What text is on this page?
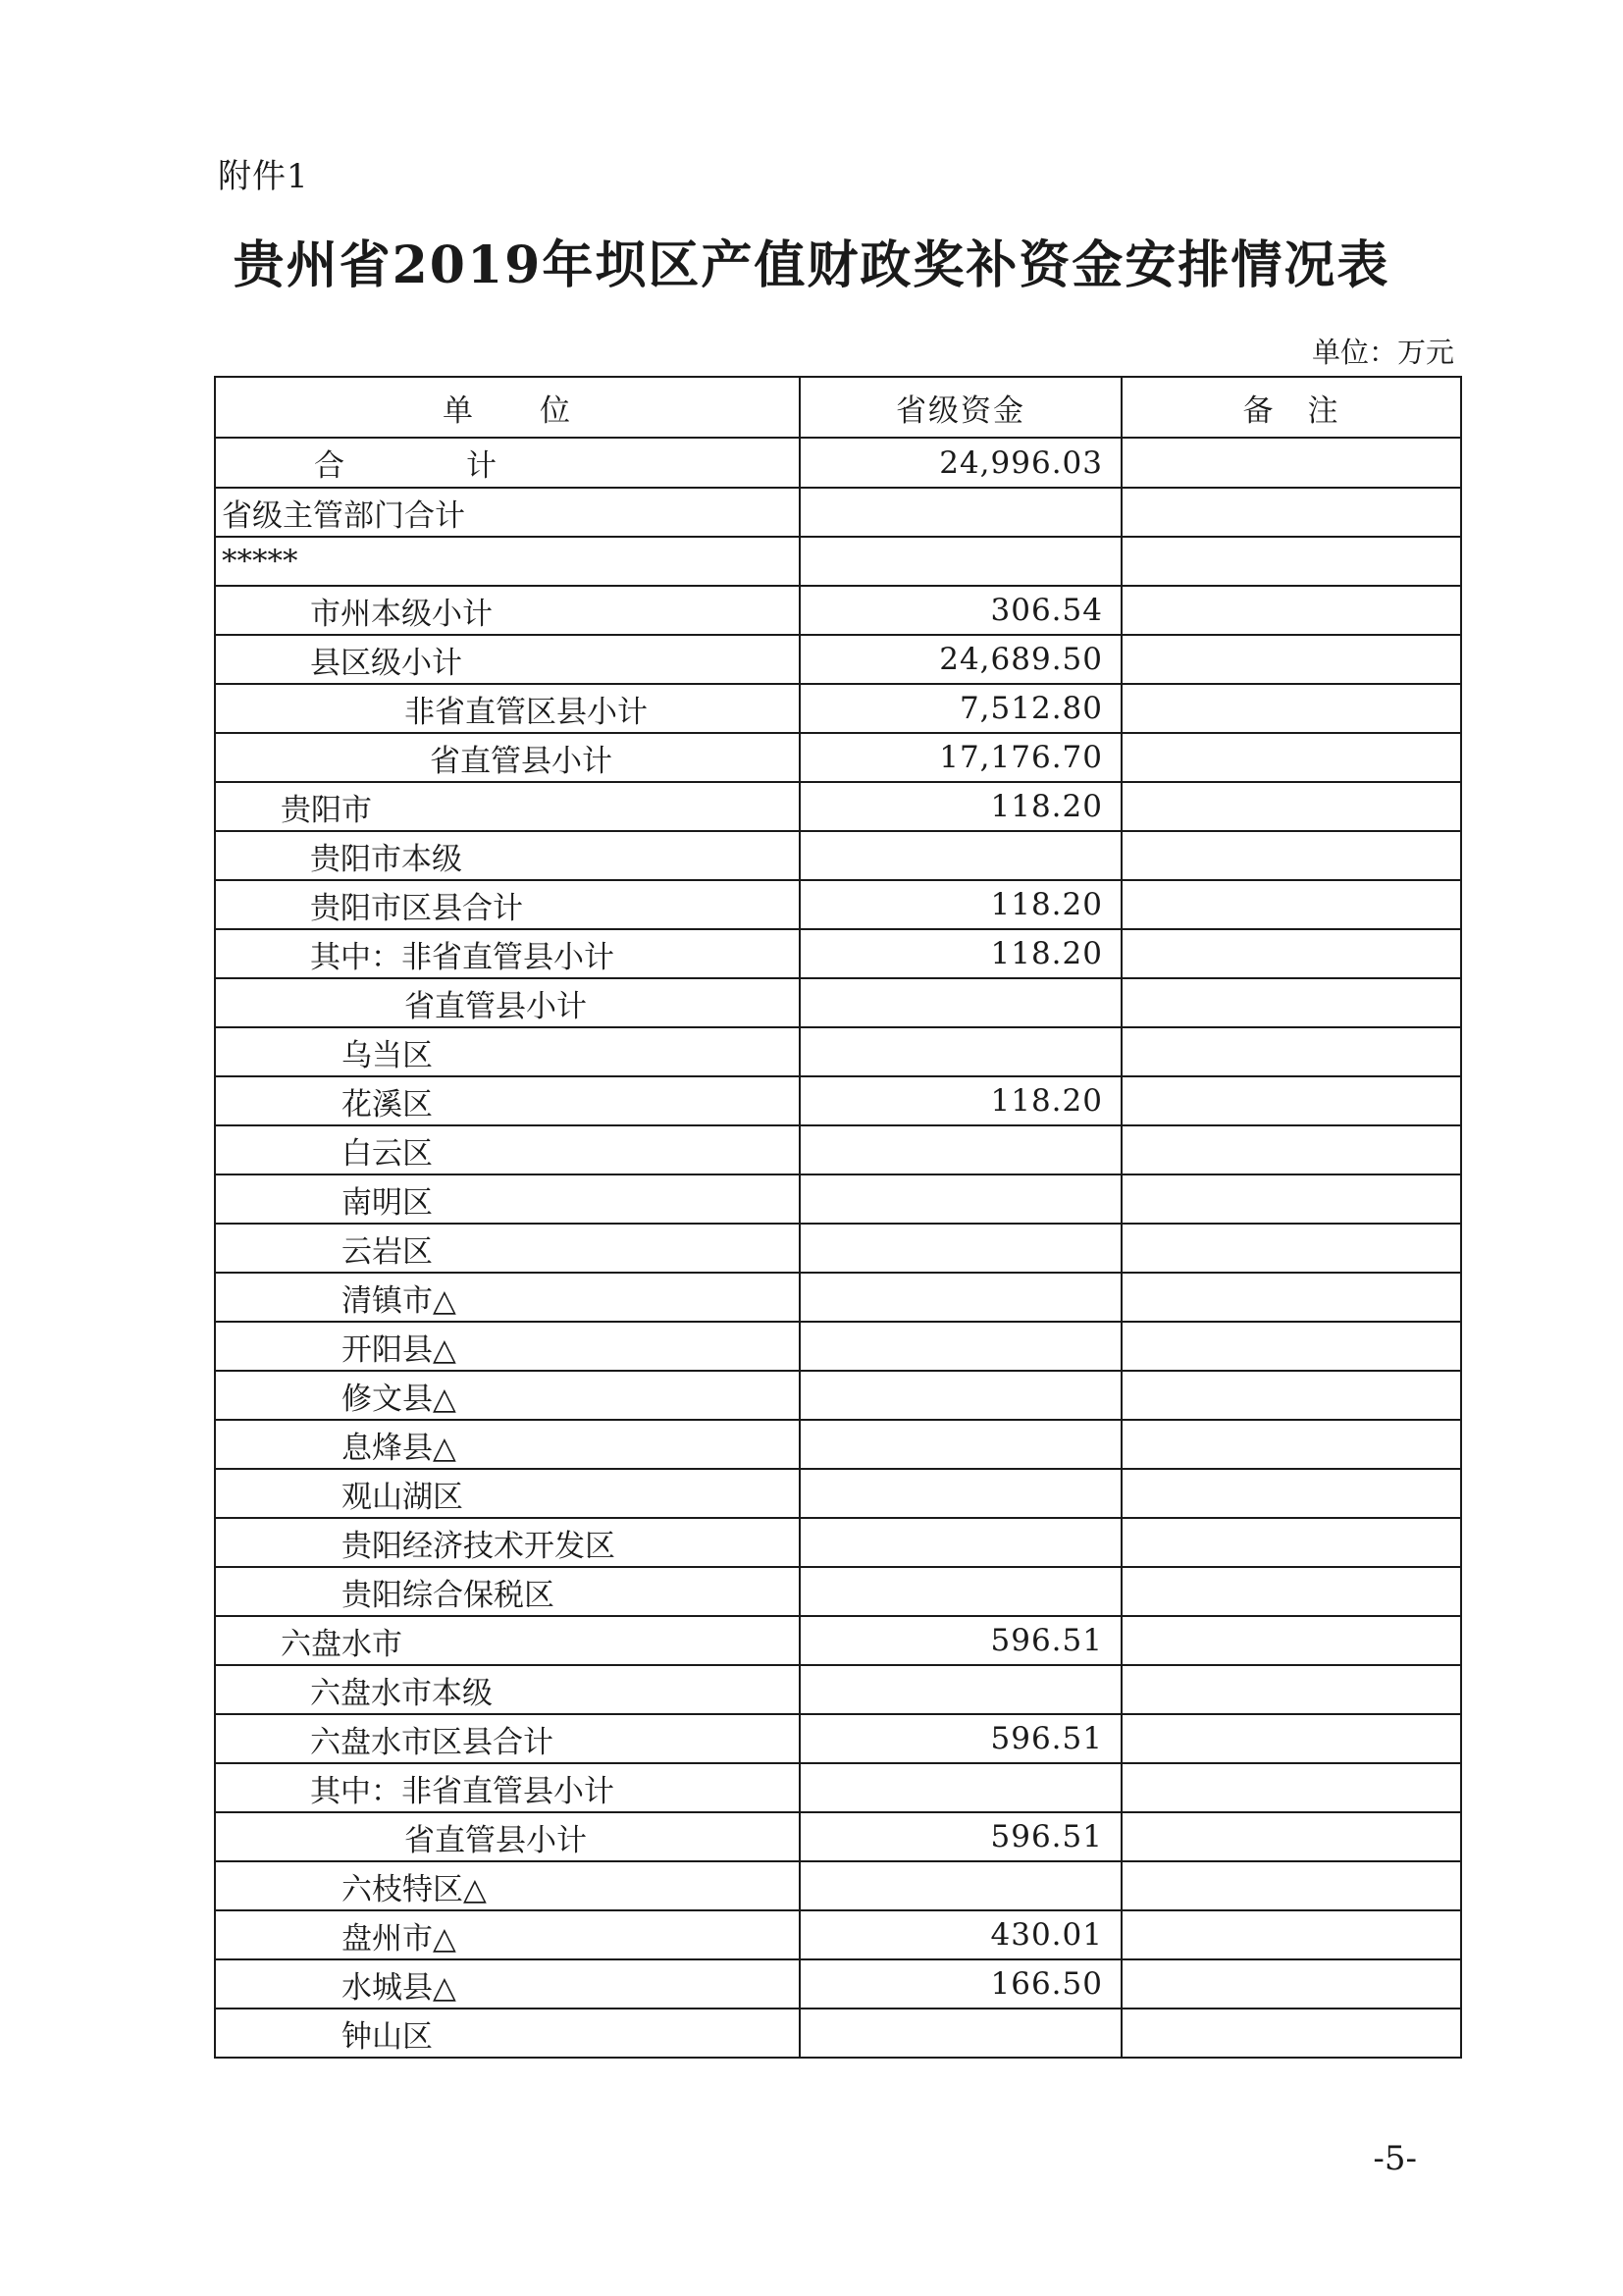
附件1
贵州省2019年坝区产值财政奖补资金安排情况表
单位：万元
单　　位	省级资金	备　注
合　　　　计	24,996.03	
省级主管部门合计		
*****		
市州本级小计	306.54	
县区级小计	24,689.50	
非省直管区县小计	7,512.80	
省直管县小计	17,176.70	
贵阳市	118.20	
贵阳市本级		
贵阳市区县合计	118.20	
其中：非省直管县小计	118.20	
省直管县小计		
乌当区		
花溪区	118.20	
白云区		
南明区		
云岩区		
清镇市△		
开阳县△		
修文县△		
息烽县△		
观山湖区		
贵阳经济技术开发区		
贵阳综合保税区		
六盘水市	596.51	
六盘水市本级		
六盘水市区县合计	596.51	
其中：非省直管县小计		
省直管县小计	596.51	
六枝特区△		
盘州市△	430.01	
水城县△	166.50	
钟山区		
-5-
